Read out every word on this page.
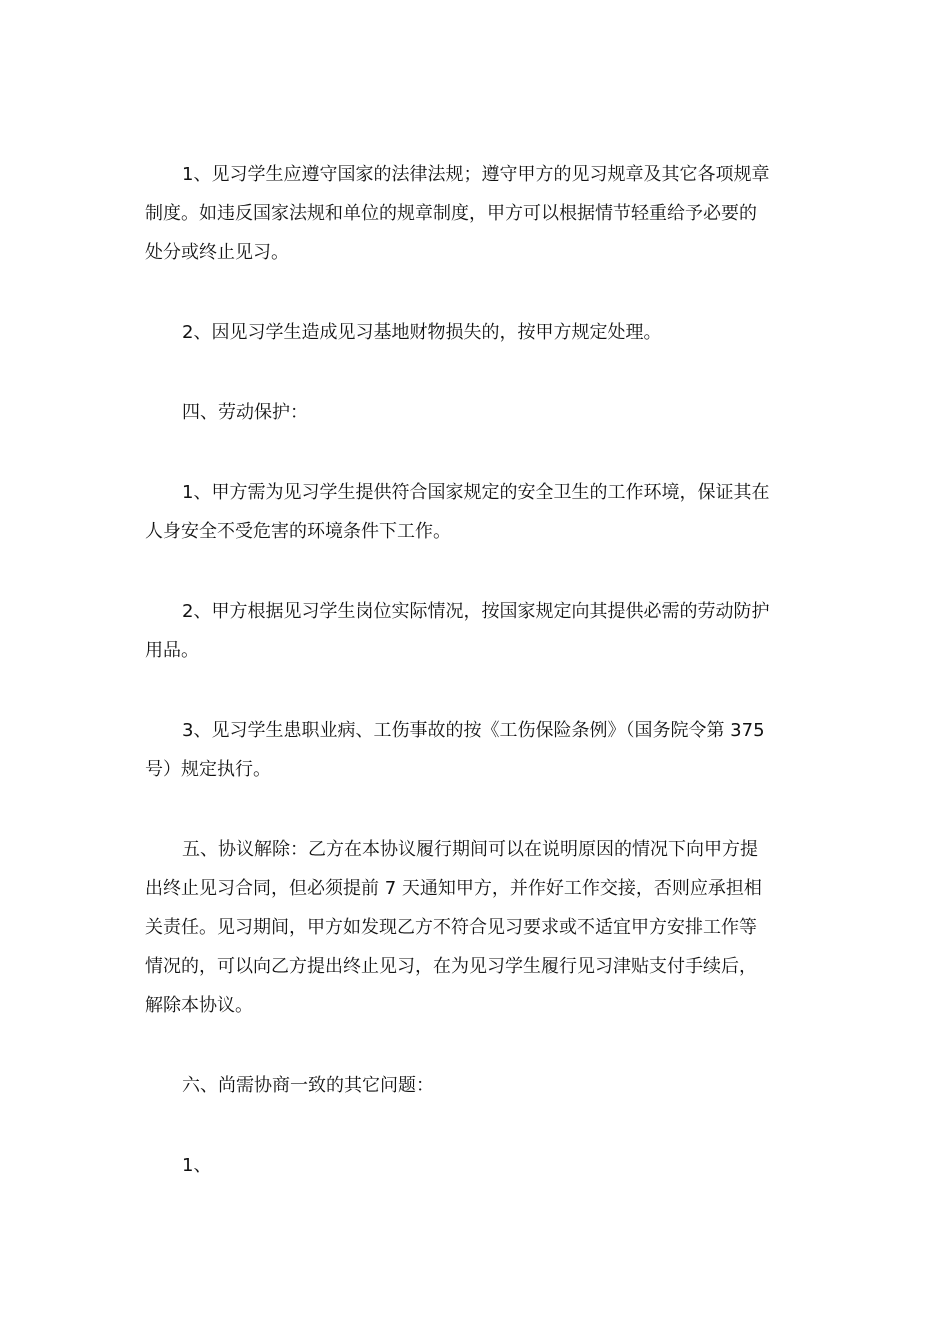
1、见习学生应遵守国家的法律法规；遵守甲方的见习规章及其它各项规章
制度。如违反国家法规和单位的规章制度，甲方可以根据情节轻重给予必要的
处分或终止见习。
2、因见习学生造成见习基地财物损失的，按甲方规定处理。
四、劳动保护：
1、甲方需为见习学生提供符合国家规定的安全卫生的工作环境，保证其在
人身安全不受危害的环境条件下工作。
2、甲方根据见习学生岗位实际情况，按国家规定向其提供必需的劳动防护
用品。
3、见习学生患职业病、工伤事故的按《工伤保险条例》（国务院令第 375
号）规定执行。
五、协议解除：乙方在本协议履行期间可以在说明原因的情况下向甲方提
出终止见习合同，但必须提前 7 天通知甲方，并作好工作交接，否则应承担相
关责任。见习期间，甲方如发现乙方不符合见习要求或不适宜甲方安排工作等
情况的，可以向乙方提出终止见习，在为见习学生履行见习津贴支付手续后，
解除本协议。
六、尚需协商一致的其它问题：
1、
